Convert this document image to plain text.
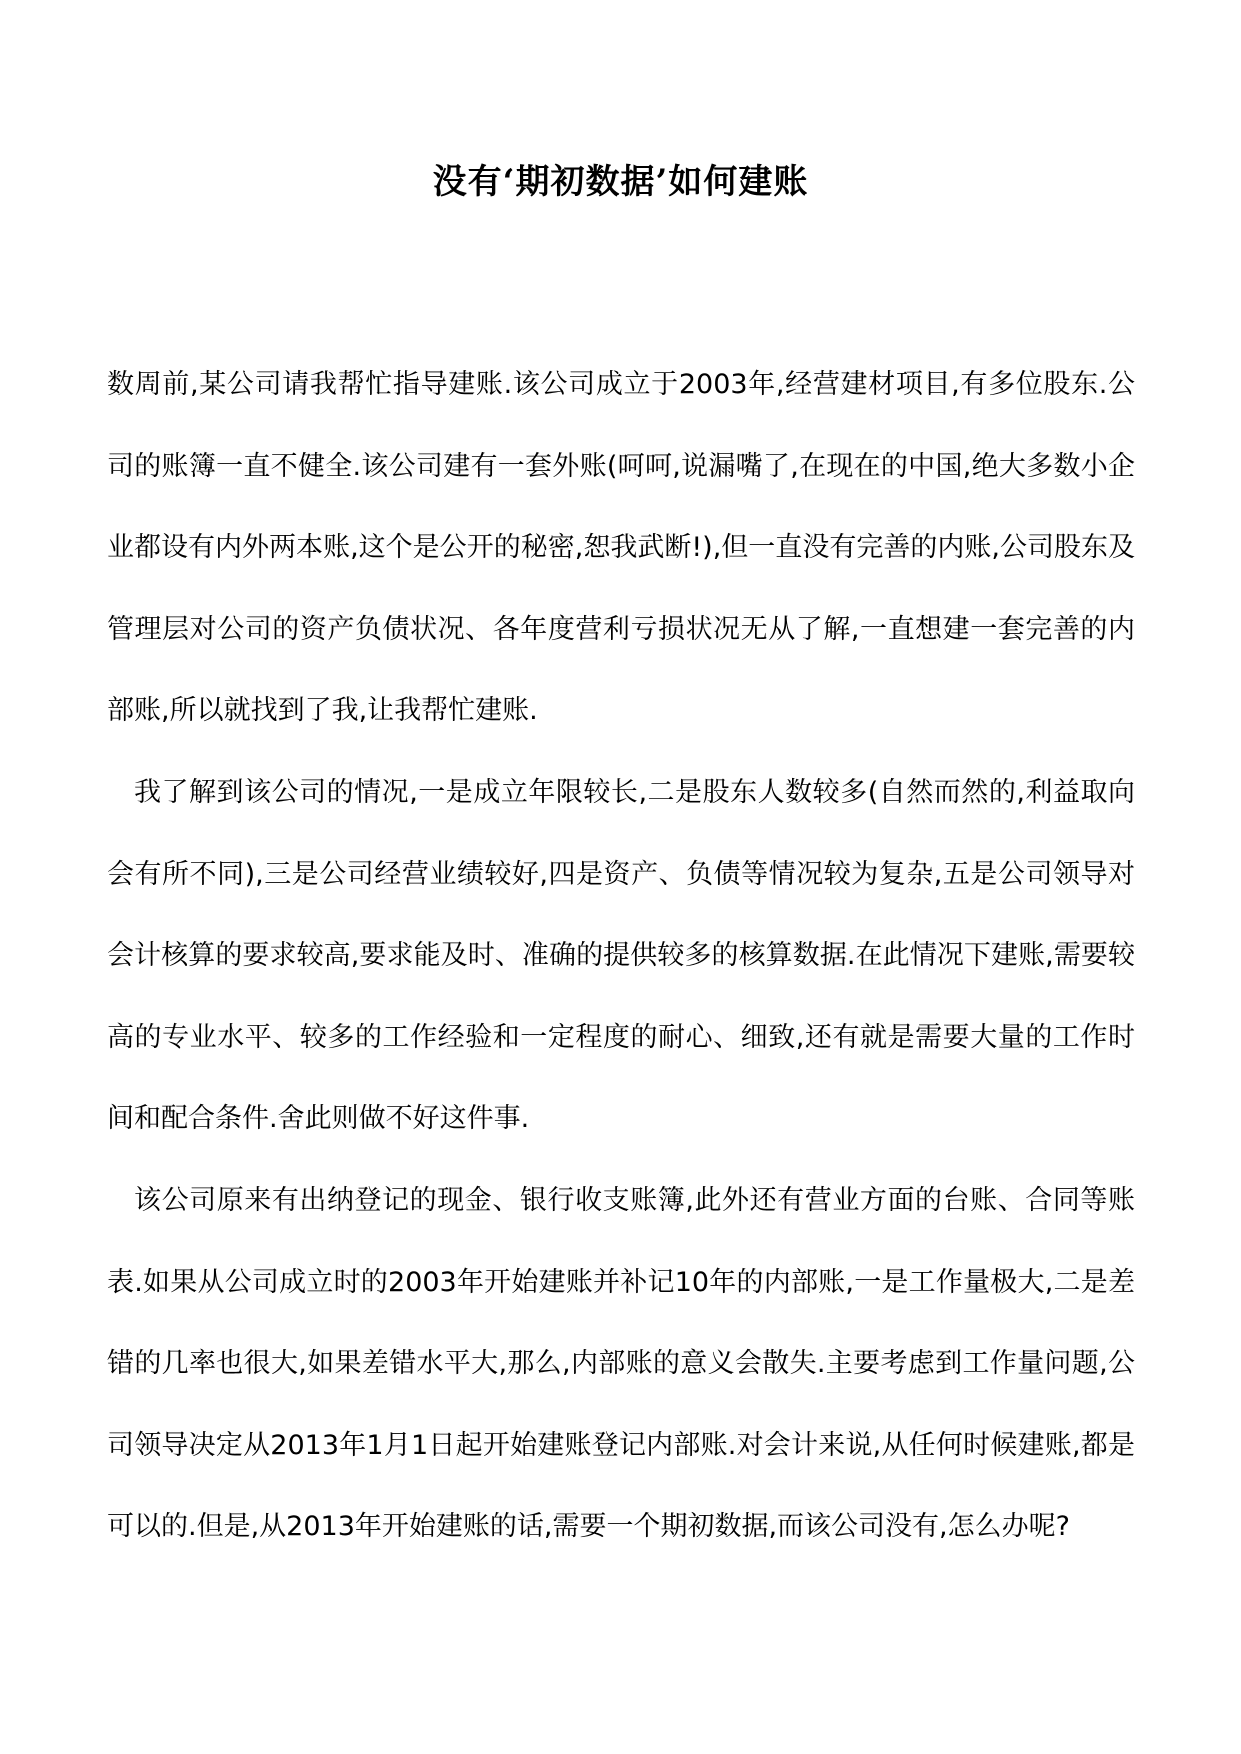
没有‘期初数据’如何建账

数周前,某公司请我帮忙指导建账.该公司成立于2003年,经营建材项目,有多位股东.公司的账簿一直不健全.该公司建有一套外账(呵呵,说漏嘴了,在现在的中国,绝大多数小企业都设有内外两本账,这个是公开的秘密,恕我武断!),但一直没有完善的内账,公司股东及管理层对公司的资产负债状况、各年度营利亏损状况无从了解,一直想建一套完善的内部账,所以就找到了我,让我帮忙建账.

我了解到该公司的情况,一是成立年限较长,二是股东人数较多(自然而然的,利益取向会有所不同),三是公司经营业绩较好,四是资产、负债等情况较为复杂,五是公司领导对会计核算的要求较高,要求能及时、准确的提供较多的核算数据.在此情况下建账,需要较高的专业水平、较多的工作经验和一定程度的耐心、细致,还有就是需要大量的工作时间和配合条件.舍此则做不好这件事.

该公司原来有出纳登记的现金、银行收支账簿,此外还有营业方面的台账、合同等账表.如果从公司成立时的2003年开始建账并补记10年的内部账,一是工作量极大,二是差错的几率也很大,如果差错水平大,那么,内部账的意义会散失.主要考虑到工作量问题,公司领导决定从2013年1月1日起开始建账登记内部账.对会计来说,从任何时候建账,都是可以的.但是,从2013年开始建账的话,需要一个期初数据,而该公司没有,怎么办呢?
